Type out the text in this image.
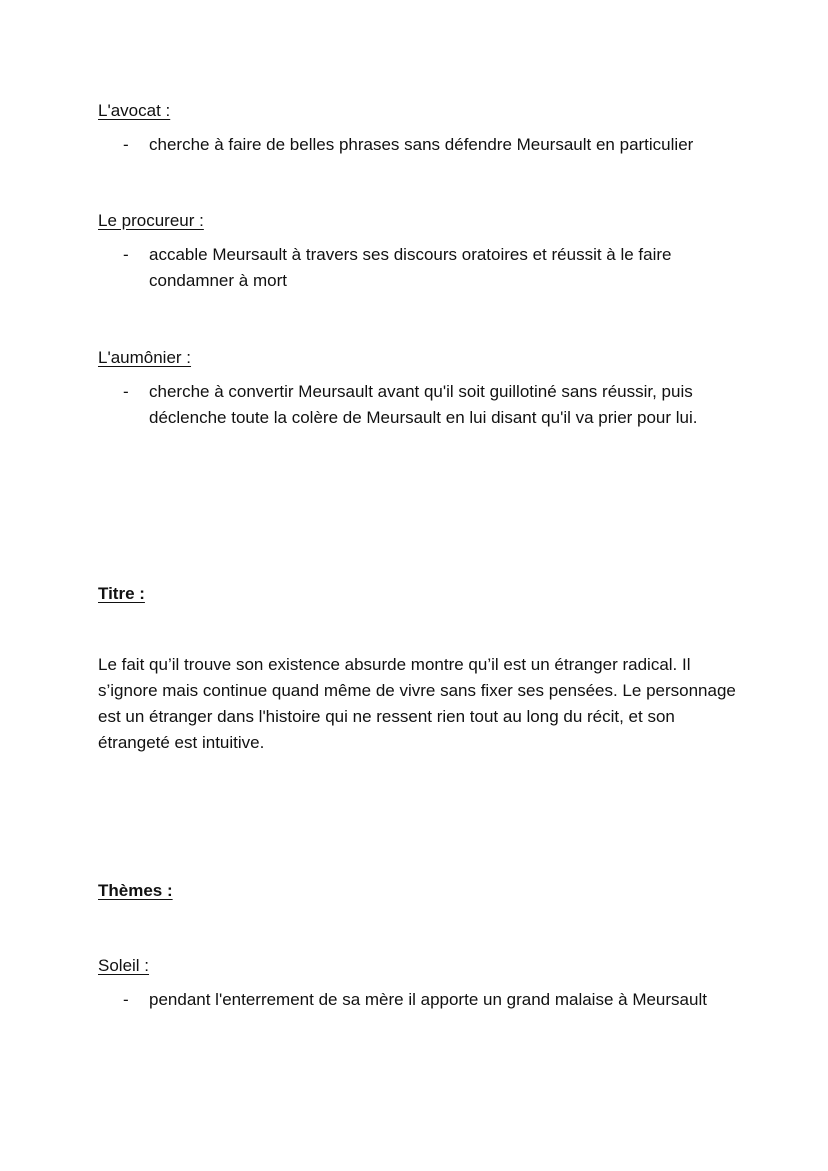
L'avocat :
- cherche à faire de belles phrases sans défendre Meursault en particulier
Le procureur :
- accable Meursault à travers ses discours oratoires et réussit à le faire condamner à mort
L'aumônier :
- cherche à convertir Meursault avant qu'il soit guillotiné sans réussir, puis déclenche toute la colère de Meursault en lui disant qu'il va prier pour lui.
Titre :

Le fait qu’il trouve son existence absurde montre qu’il est un étranger radical. Il s’ignore mais continue quand même de vivre sans fixer ses pensées. Le personnage est un étranger dans l'histoire qui ne ressent rien tout au long du récit, et son étrangeté est intuitive.

Thèmes :
Soleil :
- pendant l'enterrement de sa mère il apporte un grand malaise à Meursault
